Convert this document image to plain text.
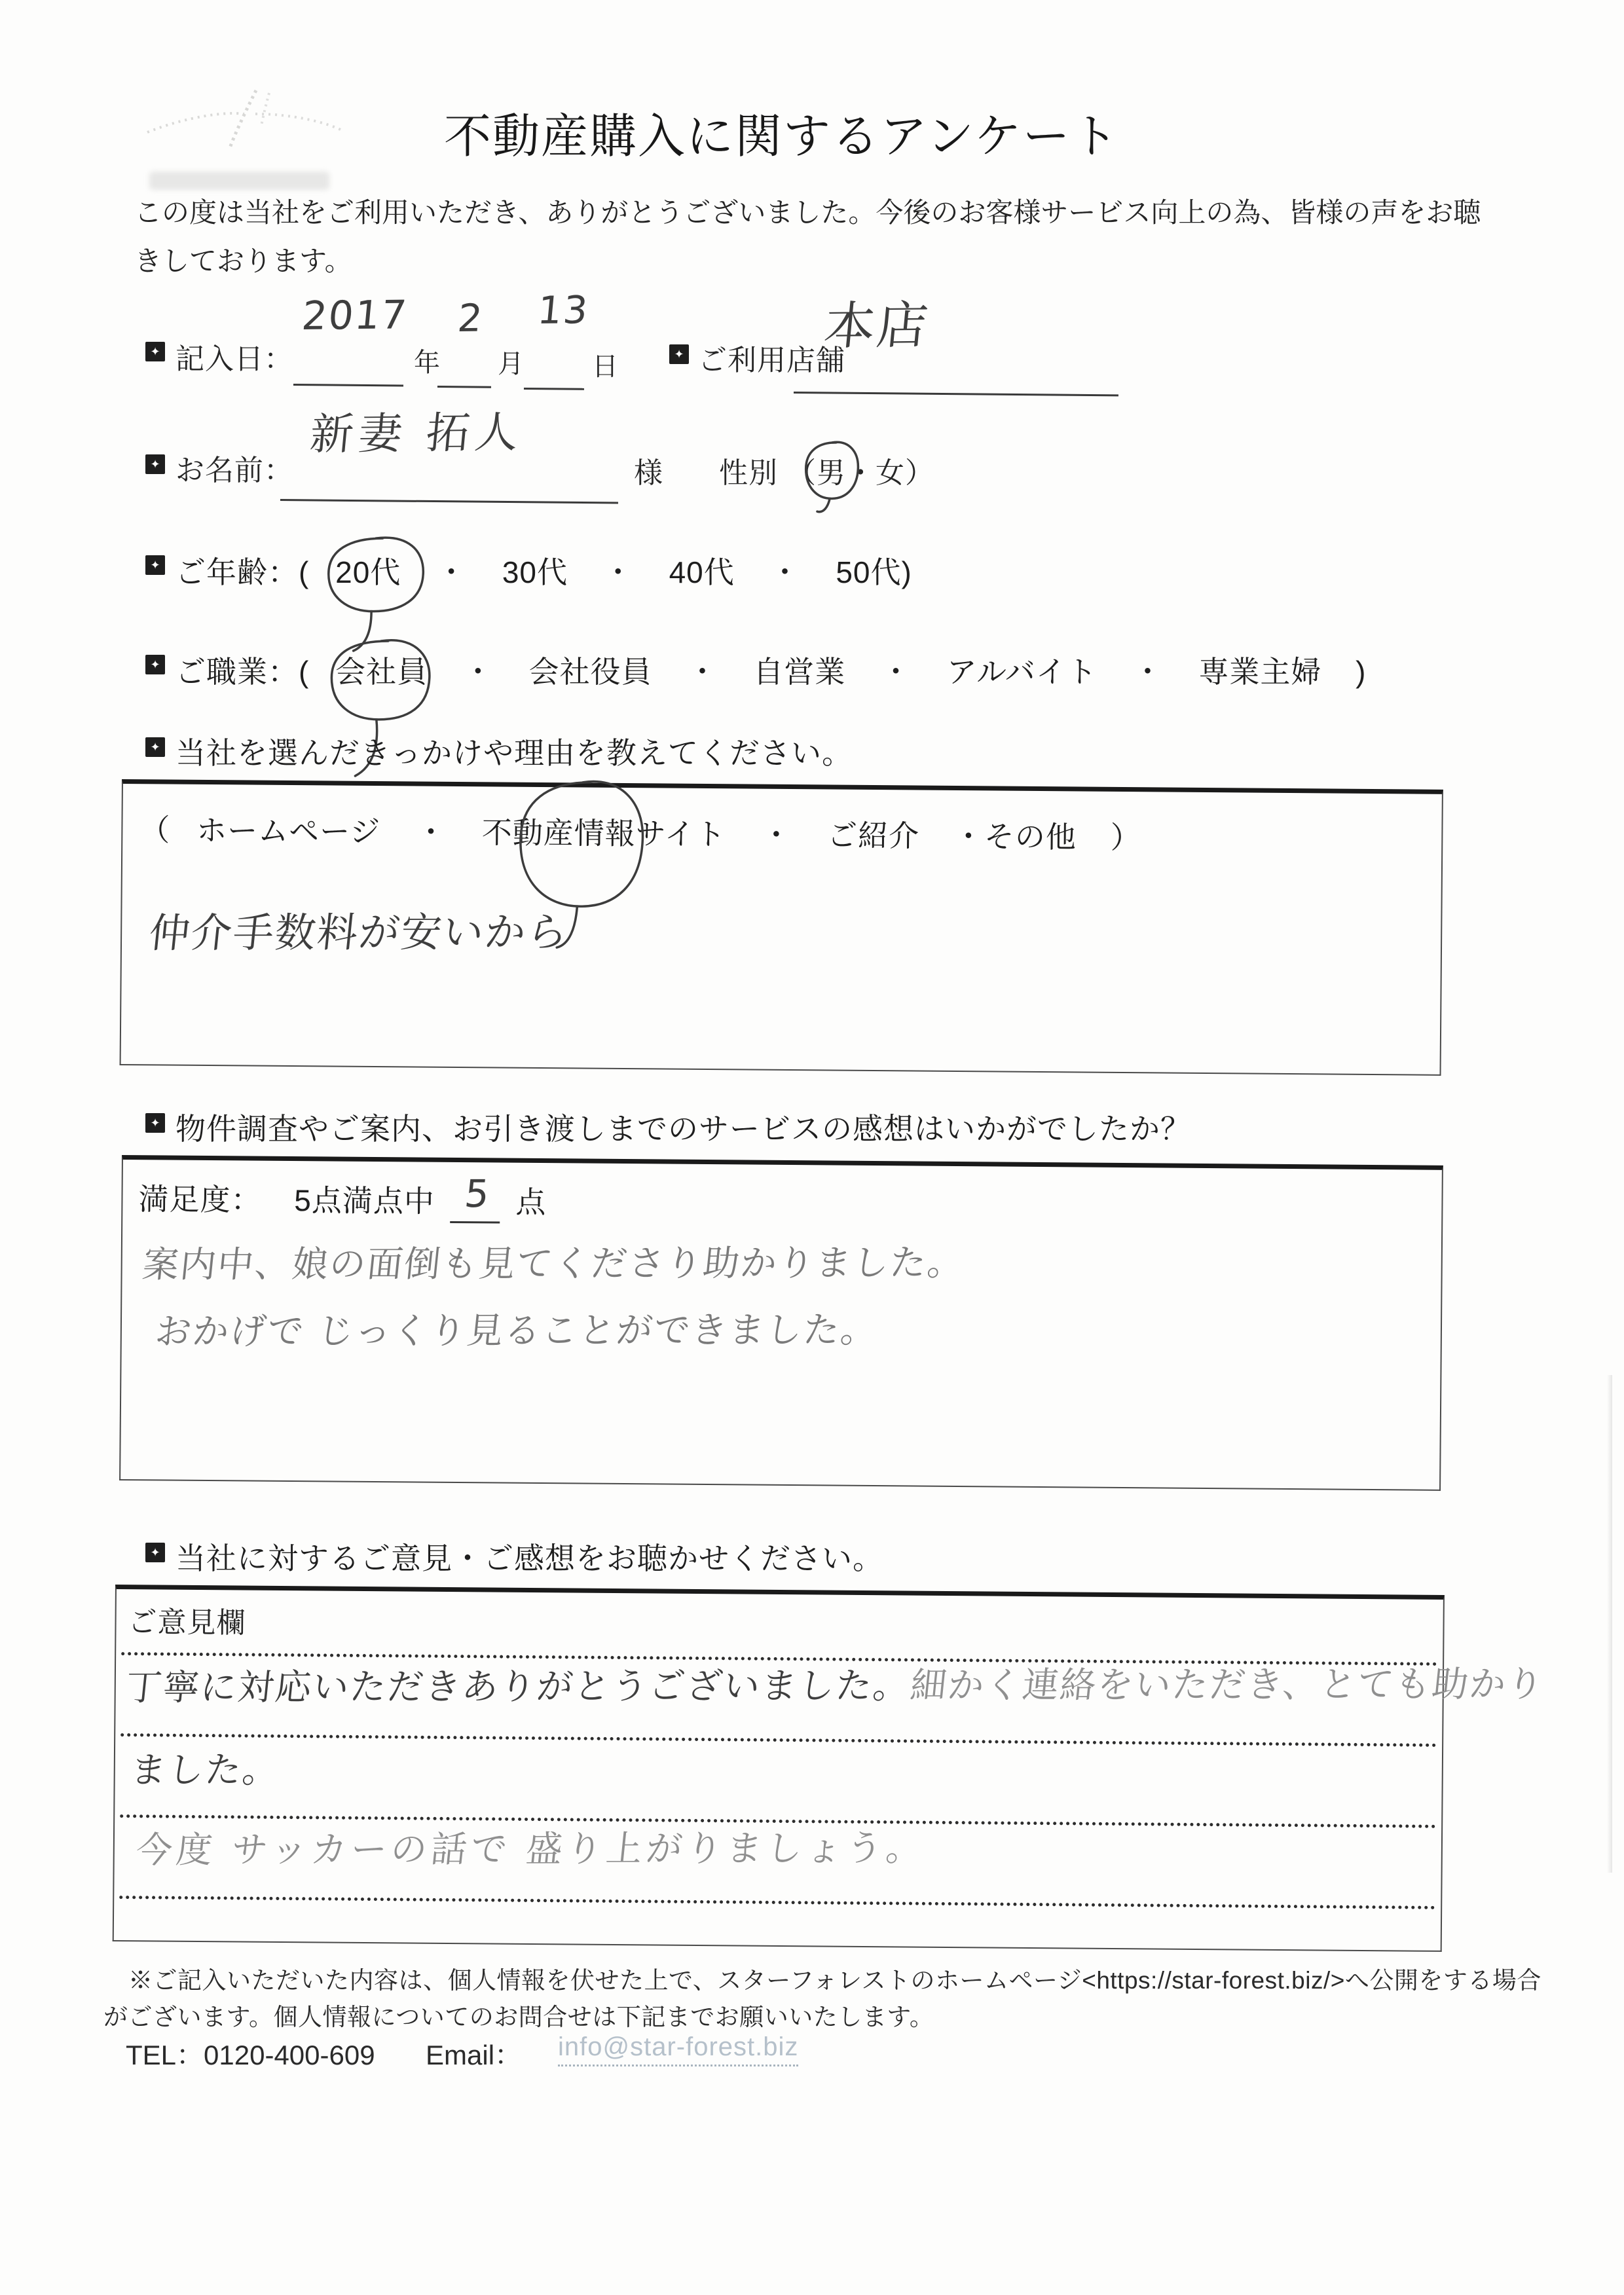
不動産購入に関するアンケート
この度は当社をご利用いただき、ありがとうございました。今後のお客様サービス向上の為、皆様の声をお聴きしております。
✦ 記入日：
2017
年
2
月
13
日	✦ ご利用店舗
本店
✦ お名前：
新妻 拓人
様 性別 （
男・女）
✦ ご年齢：( 20代 ・ 30代 ・ 40代 ・ 50代)
✦ ご職業：( 会社員 ・ 会社役員 ・ 自営業 ・ アルバイト ・ 専業主婦 )
✦ 当社を選んだきっかけや理由を教えてください。
（ ホームページ ・ 不動産情報サイト ・ ご紹介 ・その他 ）
仲介手数料が安いから
✦ 物件調査やご案内、お引き渡しまでのサービスの感想はいかがでしたか？
満足度： 5点満点中 5 点
案内中、娘の面倒も見てくださり助かりました。
おかげで じっくり見ることができました。
✦ 当社に対するご意見・ご感想をお聴かせください。
ご意見欄
丁寧に対応いただきありがとうございました。細かく連絡をいただき、とても助かり
ました。
今度 サッカーの話で 盛り上がりましょう。
※ご記入いただいた内容は、個人情報を伏せた上で、スターフォレストのホームページ<https://star-forest.biz/>へ公開をする場合
がございます。個人情報についてのお問合せは下記までお願いいたします。
TEL：0120-400-609 Email： info@star-forest.biz
